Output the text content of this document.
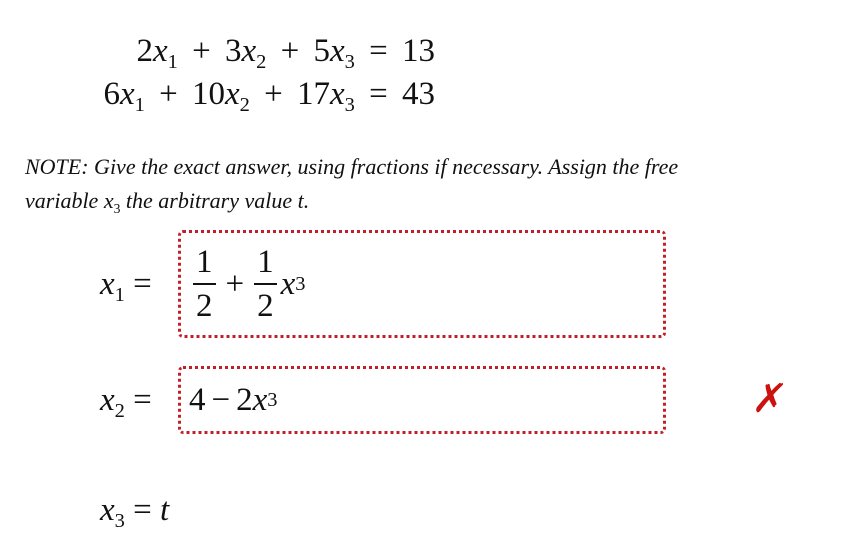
$2x_1 + 3x_2 + 5x_3 = 13$
$6x_1 + 10x_2 + 17x_3 = 43$
NOTE: Give the exact answer, using fractions if necessary. Assign the free
variable $x_3$ the arbitrary value t.
$x_1$ =	$\frac{1}{2} + \frac{1}{2}$ x 3
$x_2$ =	4 − 2 x 3	✗
$x_3 = t$
